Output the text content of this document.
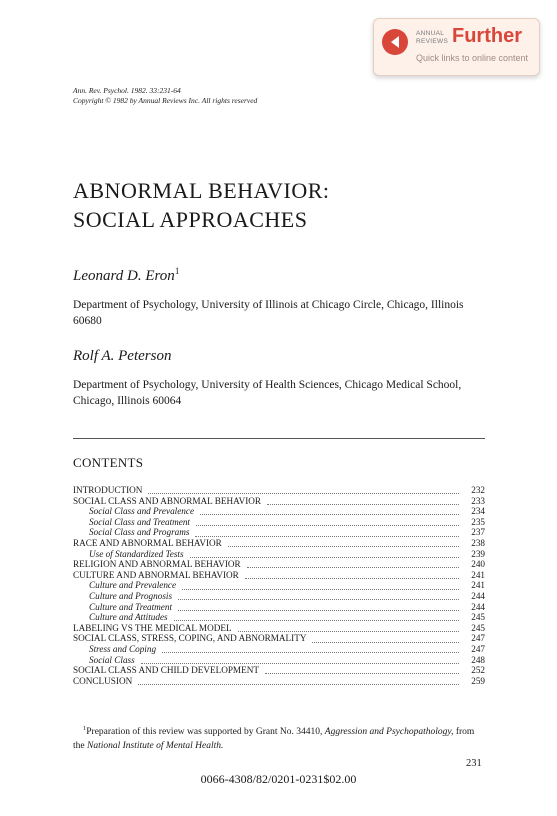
ANNUAL
REVIEWS Further
Quick links to online content
Ann. Rev. Psychol. 1982. 33:231-64
Copyright © 1982 by Annual Reviews Inc. All rights reserved
ABNORMAL BEHAVIOR:
SOCIAL APPROACHES
Leonard D. Eron$^1$
Department of Psychology, University of Illinois at Chicago Circle, Chicago, Illinois 60680
Rolf A. Peterson
Department of Psychology, University of Health Sciences, Chicago Medical School, Chicago, Illinois 60064
CONTENTS
INTRODUCTION	232
SOCIAL CLASS AND ABNORMAL BEHAVIOR	233
Social Class and Prevalence	234
Social Class and Treatment	235
Social Class and Programs	237
RACE AND ABNORMAL BEHAVIOR	238
Use of Standardized Tests	239
RELIGION AND ABNORMAL BEHAVIOR	240
CULTURE AND ABNORMAL BEHAVIOR	241
Culture and Prevalence	241
Culture and Prognosis	244
Culture and Treatment	244
Culture and Attitudes	245
LABELING VS THE MEDICAL MODEL	245
SOCIAL CLASS, STRESS, COPING, AND ABNORMALITY	247
Stress and Coping	247
Social Class	248
SOCIAL CLASS AND CHILD DEVELOPMENT	252
CONCLUSION	259
$^1$Preparation of this review was supported by Grant No. 34410, Aggression and Psychopathology, from the National Institute of Mental Health.
231
0066-4308/82/0201-0231$02.00
